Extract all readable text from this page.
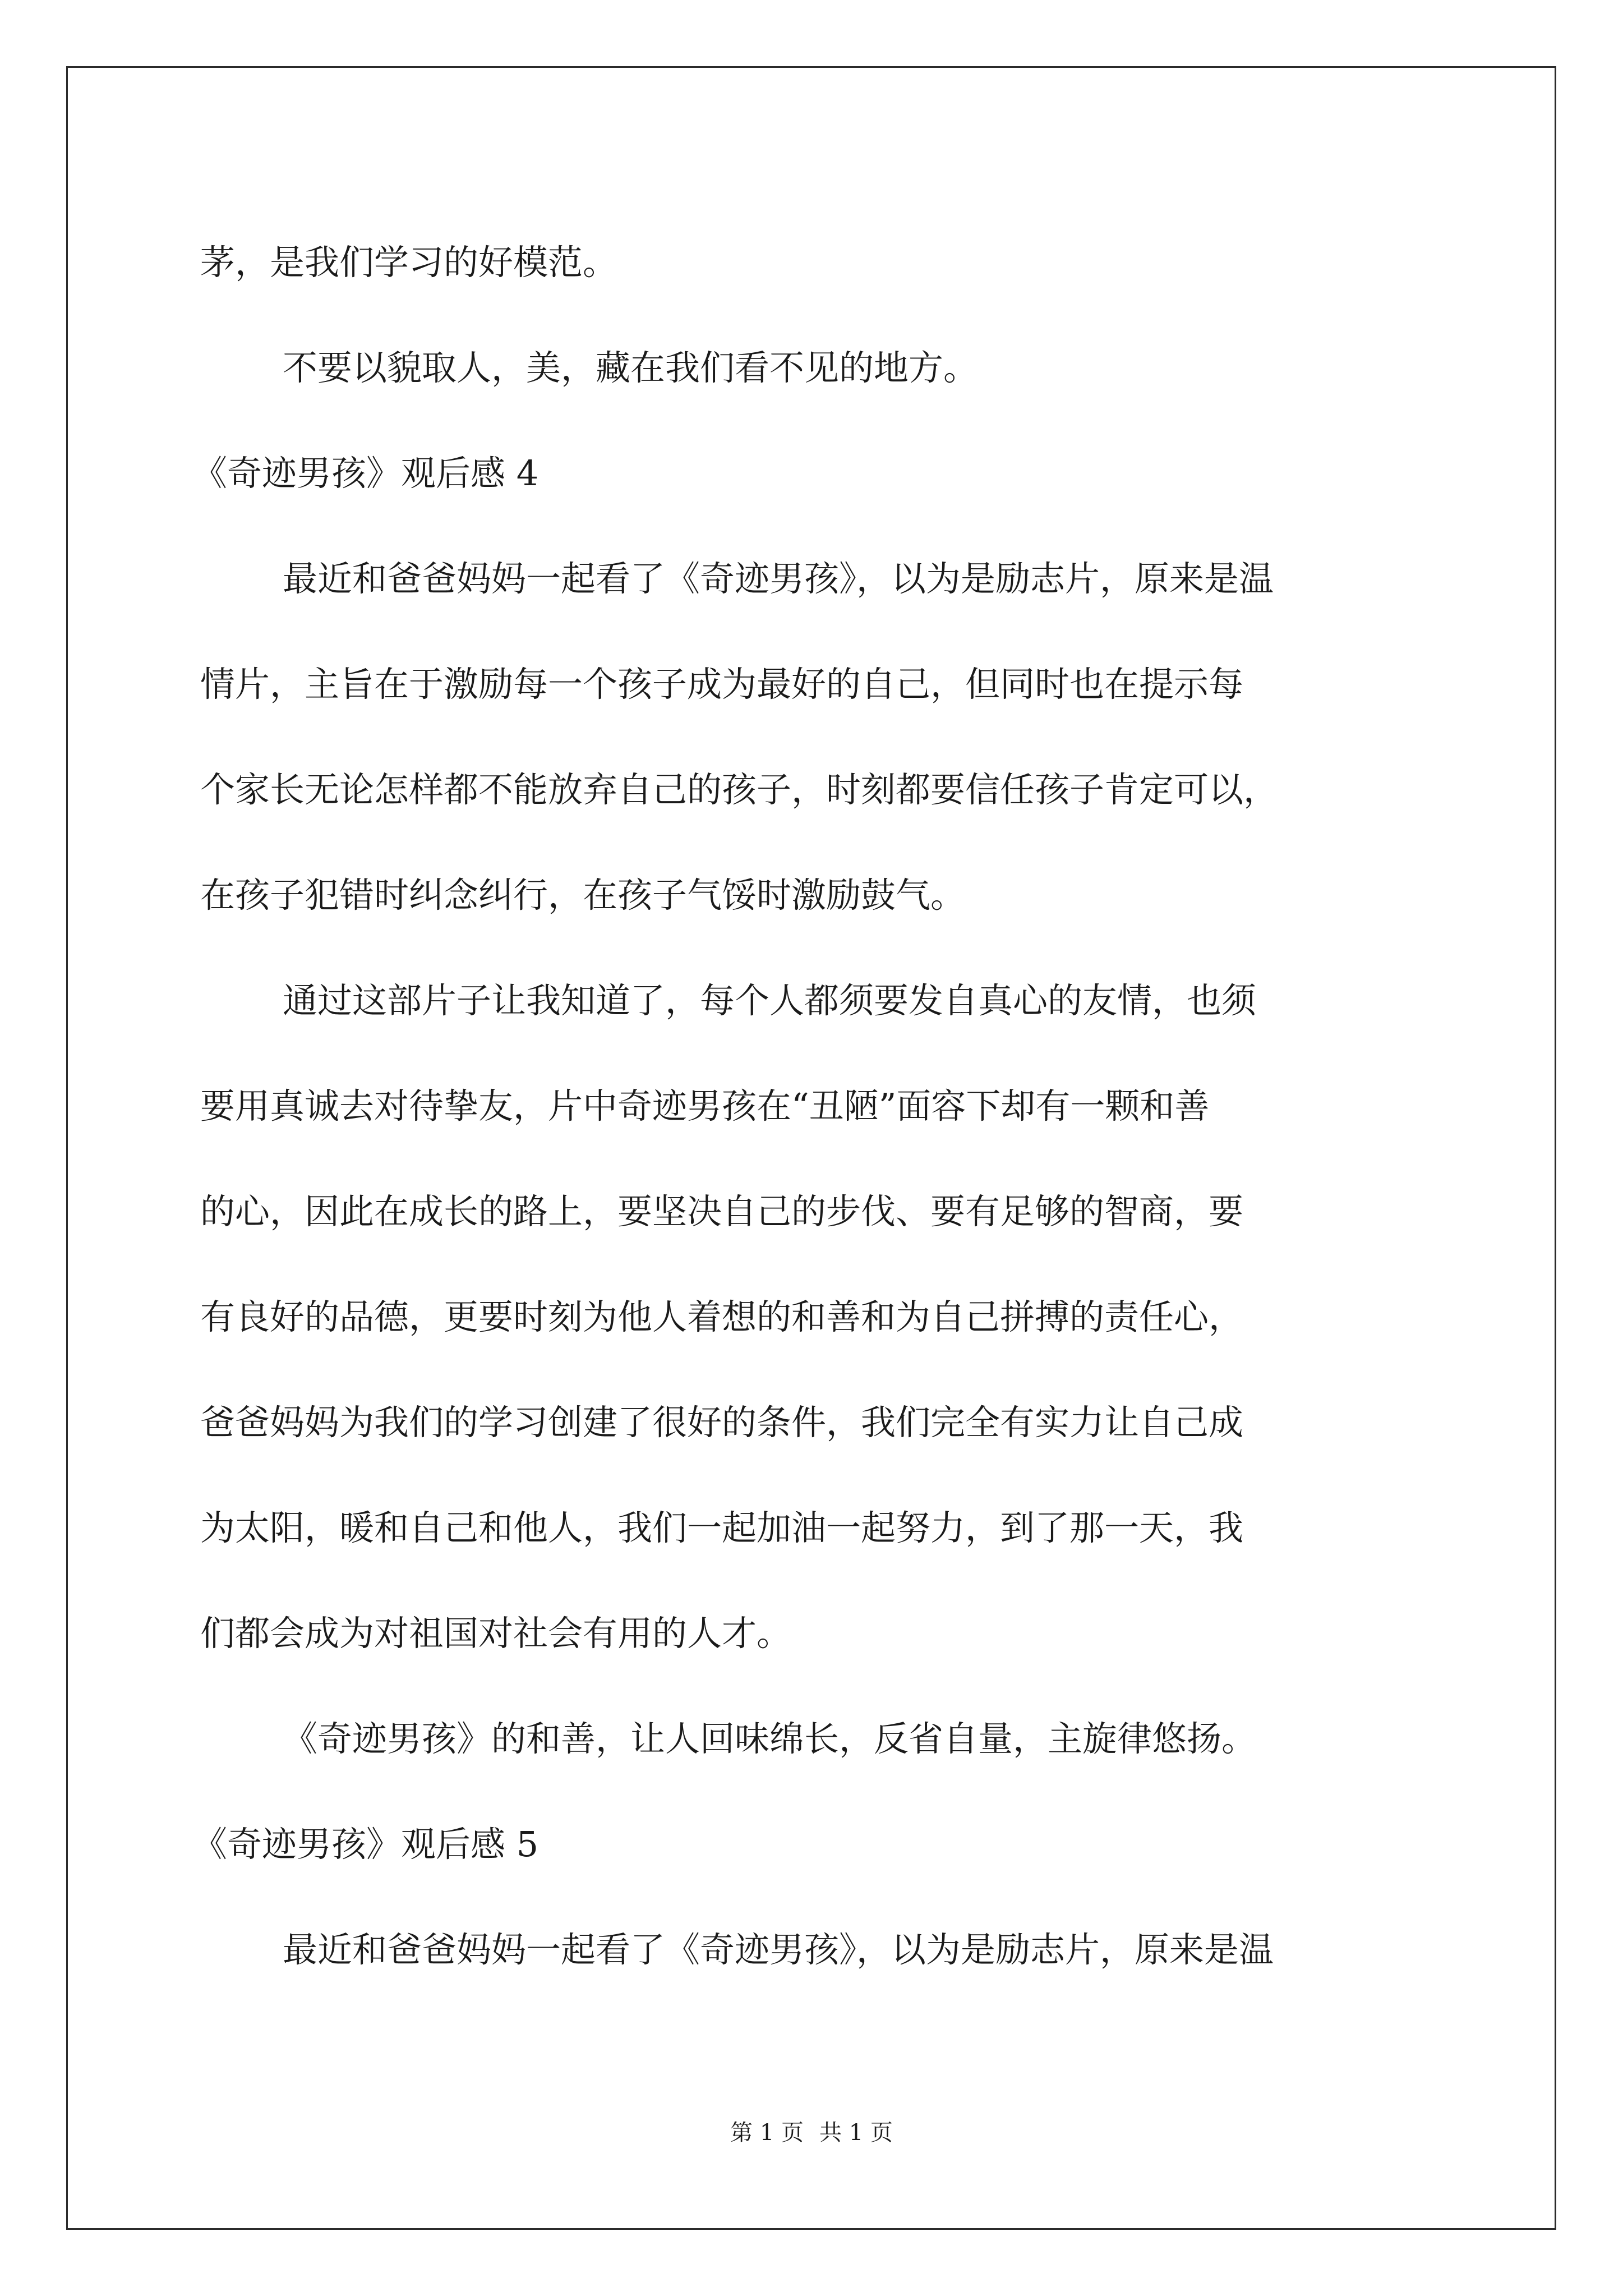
茅，是我们学习的好模范。
不要以貌取人，美，藏在我们看不见的地方。
《奇迹男孩》观后感 4
最近和爸爸妈妈一起看了《奇迹男孩》，以为是励志片，原来是温
情片，主旨在于激励每一个孩子成为最好的自己，但同时也在提示每
个家长无论怎样都不能放弃自己的孩子，时刻都要信任孩子肯定可以，
在孩子犯错时纠念纠行，在孩子气馁时激励鼓气。
通过这部片子让我知道了，每个人都须要发自真心的友情，也须
要用真诚去对待挚友，片中奇迹男孩在“丑陋”面容下却有一颗和善
的心，因此在成长的路上，要坚决自己的步伐、要有足够的智商，要
有良好的品德，更要时刻为他人着想的和善和为自己拼搏的责任心，
爸爸妈妈为我们的学习创建了很好的条件，我们完全有实力让自己成
为太阳，暖和自己和他人，我们一起加油一起努力，到了那一天，我
们都会成为对祖国对社会有用的人才。
《奇迹男孩》的和善，让人回味绵长，反省自量，主旋律悠扬。
《奇迹男孩》观后感 5
最近和爸爸妈妈一起看了《奇迹男孩》，以为是励志片，原来是温
第 1 页 共 1 页
